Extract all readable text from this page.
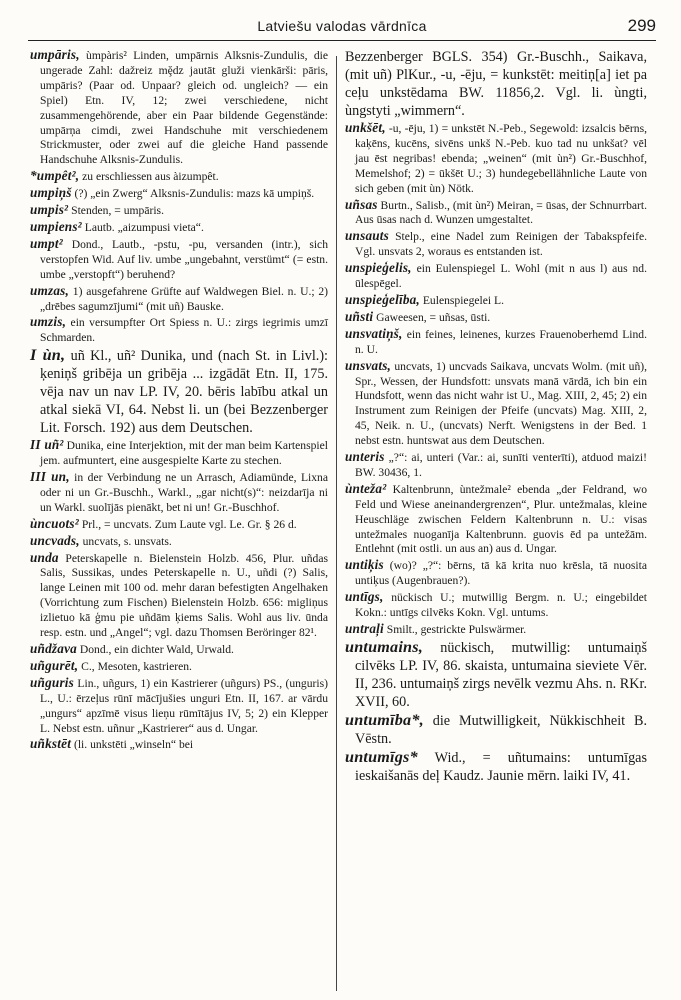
Latviešu valodas vārdnīca	299
umpāris, ùmpàris² Linden, umpārnis Alksnis-Zundulis, die ungerade Zahl: dažreiz mḝdz jautāt gluži vienkārši: pāris, umpāris? (Paar od. Unpaar? gleich od. ungleich? — ein Spiel) Etn. IV, 12; zwei verschiedene, nicht zusammengehörende, aber ein Paar bildende Gegenstände: umpārņa cimdi, zwei Handschuhe mit verschiedenem Strickmuster, oder zwei auf die gleiche Hand passende Handschuhe Alksnis-Zundulis.
*umpêt², zu erschliessen aus àizumpêt.
umpiņš (?) „ein Zwerg“ Alksnis-Zundulis: mazs kā umpiņš.
umpis² Stenden, = umpāris.
umpiens² Lautb. „aizumpusi vieta“.
umpt² Dond., Lautb., -pstu, -pu, versanden (intr.), sich verstopfen Wid. Auf liv. umbe „ungebahnt, verstümt“ (= estn. umbe „verstopft“) beruhend?
umzas, 1) ausgefahrene Grüfte auf Waldwegen Biel. n. U.; 2) „drēbes sagumzījumi“ (mit uñ) Bauske.
umzis, ein versumpfter Ort Spiess n. U.: zirgs iegrimis umzī Schmarden.
I ùn, uñ Kl., uñ² Dunika, und (nach St. in Livl.): ķeniņš gribēja un gribēja ... izgādāt Etn. II, 175. vēja nav un nav LP. IV, 20. bēris labību atkal un atkal siekā VI, 64. Nebst li. un (bei Bezzenberger Lit. Forsch. 192) aus dem Deutschen.
II uñ² Dunika, eine Interjektion, mit der man beim Kartenspiel jem. aufmuntert, eine ausgespielte Karte zu stechen.
III un, in der Verbindung ne un Arrasch, Adiamünde, Lixna oder ni un Gr.-Buschh., Warkl., „gar nicht(s)“: neizdarīja ni un Warkl. suolījās pienākt, bet ni un! Gr.-Buschhof.
ùncuots² Prl., = uncvats. Zum Laute vgl. Le. Gr. § 26 d.
uncvads, uncvats, s. unsvats.
unda Peterskapelle n. Bielenstein Holzb. 456, Plur. uñdas Salis, Sussikas, undes Peterskapelle n. U., uñdi (?) Salis, lange Leinen mit 100 od. mehr daran befestigten Angelhaken (Vorrichtung zum Fischen) Bielenstein Holzb. 656: migliņus izlietuo kā ģmu pie uñdām ķiems Salis. Wohl aus liv. ūnda resp. estn. und „Angel“; vgl. dazu Thomsen Beröringer 82¹.
uñdžava Dond., ein dichter Wald, Urwald.
uñgurēt, C., Mesoten, kastrieren.
uñguris Lin., uñgurs, 1) ein Kastrierer (uñgurs) PS., (unguris) L., U.: ērzeļus rūnī mācījušies unguri Etn. II, 167. ar vārdu „ungurs“ apzīmē visus lieņu rūmītājus IV, 5; 2) ein Klepper L. Nebst estn. uñnur „Kastrierer“ aus d. Ungar.
uñkstēt (li. unkstēti „winseln“ bei
Bezzenberger BGLS. 354) Gr.-Buschh., Saikava, (mit uñ) PlKur., -u, -ēju, = kunkstēt: meitiņ[a] iet pa ceļu unkstēdama BW. 11856,2. Vgl. li. ùngti, ùngstyti „wimmern“.
unkšēt, -u, -ēju, 1) = unkstēt N.-Peb., Segewold: izsalcis bērns, kaķēns, kucēns, sivēns unkš N.-Peb. kuo tad nu unkšat? vēl jau ēst negribas! ebenda; „weinen“ (mit ùn²) Gr.-Buschhof, Memelshof; 2) = ūkšēt U.; 3) hundegebellähnliche Laute von sich geben (mit ùn) Nötk.
uñsas Burtn., Salisb., (mit ùn²) Meiran, = ūsas, der Schnurrbart. Aus ūsas nach d. Wunzen umgestaltet.
unsauts Stelp., eine Nadel zum Reinigen der Tabakspfeife. Vgl. unsvats 2, woraus es entstanden ist.
unspieģelis, ein Eulenspiegel L. Wohl (mit n aus l) aus nd. ūlespēgel.
unspieģelība, Eulenspiegelei L.
uñsti Gaweesen, = uñsas, ūsti.
unsvatiņš, ein feines, leinenes, kurzes Frauenoberhemd Lind. n. U.
unsvats, uncvats, 1) uncvads Saikava, uncvats Wolm. (mit uñ), Spr., Wessen, der Hundsfott: unsvats manā vārdā, ich bin ein Hundsfott, wenn das nicht wahr ist U., Mag. XIII, 2, 45; 2) ein Instrument zum Reinigen der Pfeife (uncvats) Mag. XIII, 2, 45, Neik. n. U., (uncvats) Nerft. Wenigstens in der Bed. 1 nebst estn. huntswat aus dem Deutschen.
unteris „?“: ai, unteri (Var.: ai, sunīti venterīti), atduod maizi! BW. 30436, 1.
ùnteža² Kaltenbrunn, ùntežmale² ebenda „der Feldrand, wo Feld und Wiese aneinandergrenzen“, Plur. untežmalas, kleine Heuschläge zwischen Feldern Kaltenbrunn n. U.: visas untežmales nuoganīja Kaltenbrunn. guovis ēd pa untežām. Entlehnt (mit ostli. un aus an) aus d. Ungar.
untiķis (wo)? „?“: bērns, tā kā krita nuo krēsla, tā nuosita untiķus (Augenbrauen?).
untīgs, nückisch U.; mutwillig Bergm. n. U.; eingebildet Kokn.: untīgs cilvēks Kokn. Vgl. untums.
untraļi Smilt., gestrickte Pulswärmer.
untumains, nückisch, mutwillig: untumaiņš cilvēks LP. IV, 86. skaista, untumaina sieviete Vēr. II, 236. untumaiņš zirgs nevēlk vezmu Ahs. n. RKr. XVII, 60.
untumība*, die Mutwilligkeit, Nükkischheit B. Vēstn.
untumīgs* Wid., = uñtumains: untumīgas ieskaišanās deļ Kaudz. Jaunie mērn. laiki IV, 41.
